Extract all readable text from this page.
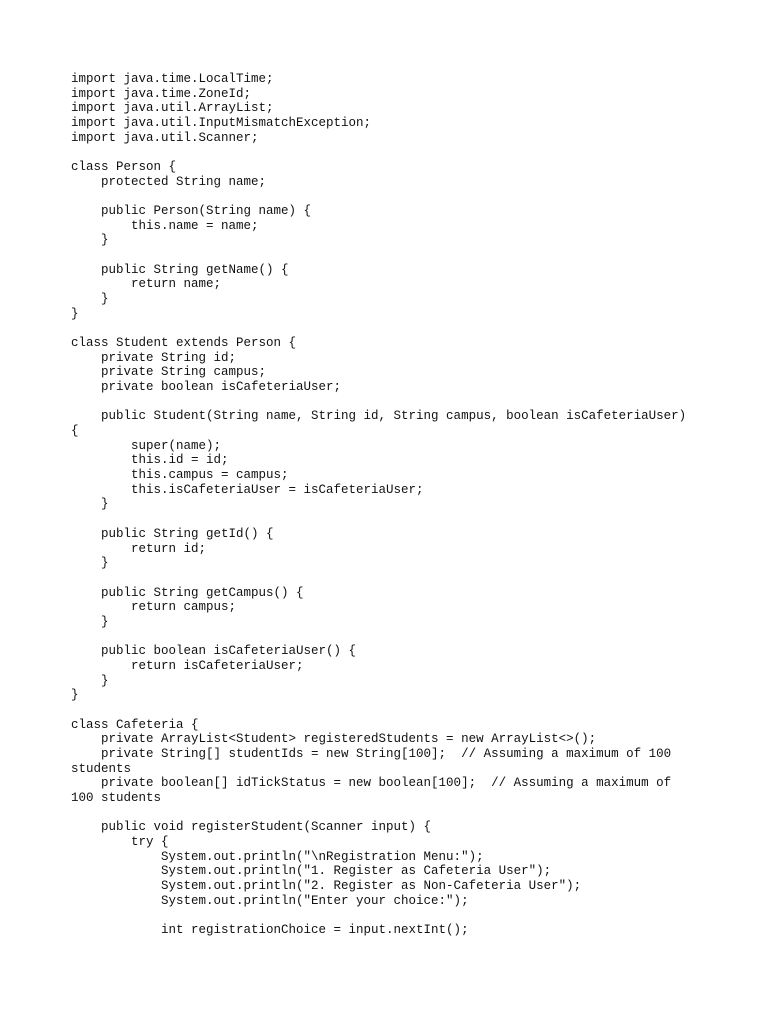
import java.time.LocalTime;
import java.time.ZoneId;
import java.util.ArrayList;
import java.util.InputMismatchException;
import java.util.Scanner;
class Person {
protected String name;
public Person(String name) {
this.name = name;
}
public String getName() {
return name;
}
}
class Student extends Person {
private String id;
private String campus;
private boolean isCafeteriaUser;
public Student(String name, String id, String campus, boolean isCafeteriaUser)
{
super(name);
this.id = id;
this.campus = campus;
this.isCafeteriaUser = isCafeteriaUser;
}
public String getId() {
return id;
}
public String getCampus() {
return campus;
}
public boolean isCafeteriaUser() {
return isCafeteriaUser;
}
}
class Cafeteria {
private ArrayList<Student> registeredStudents = new ArrayList<>();
private String[] studentIds = new String[100];  // Assuming a maximum of 100
students
private boolean[] idTickStatus = new boolean[100];  // Assuming a maximum of
100 students
public void registerStudent(Scanner input) {
try {
System.out.println("\nRegistration Menu:");
System.out.println("1. Register as Cafeteria User");
System.out.println("2. Register as Non-Cafeteria User");
System.out.println("Enter your choice:");
int registrationChoice = input.nextInt();
